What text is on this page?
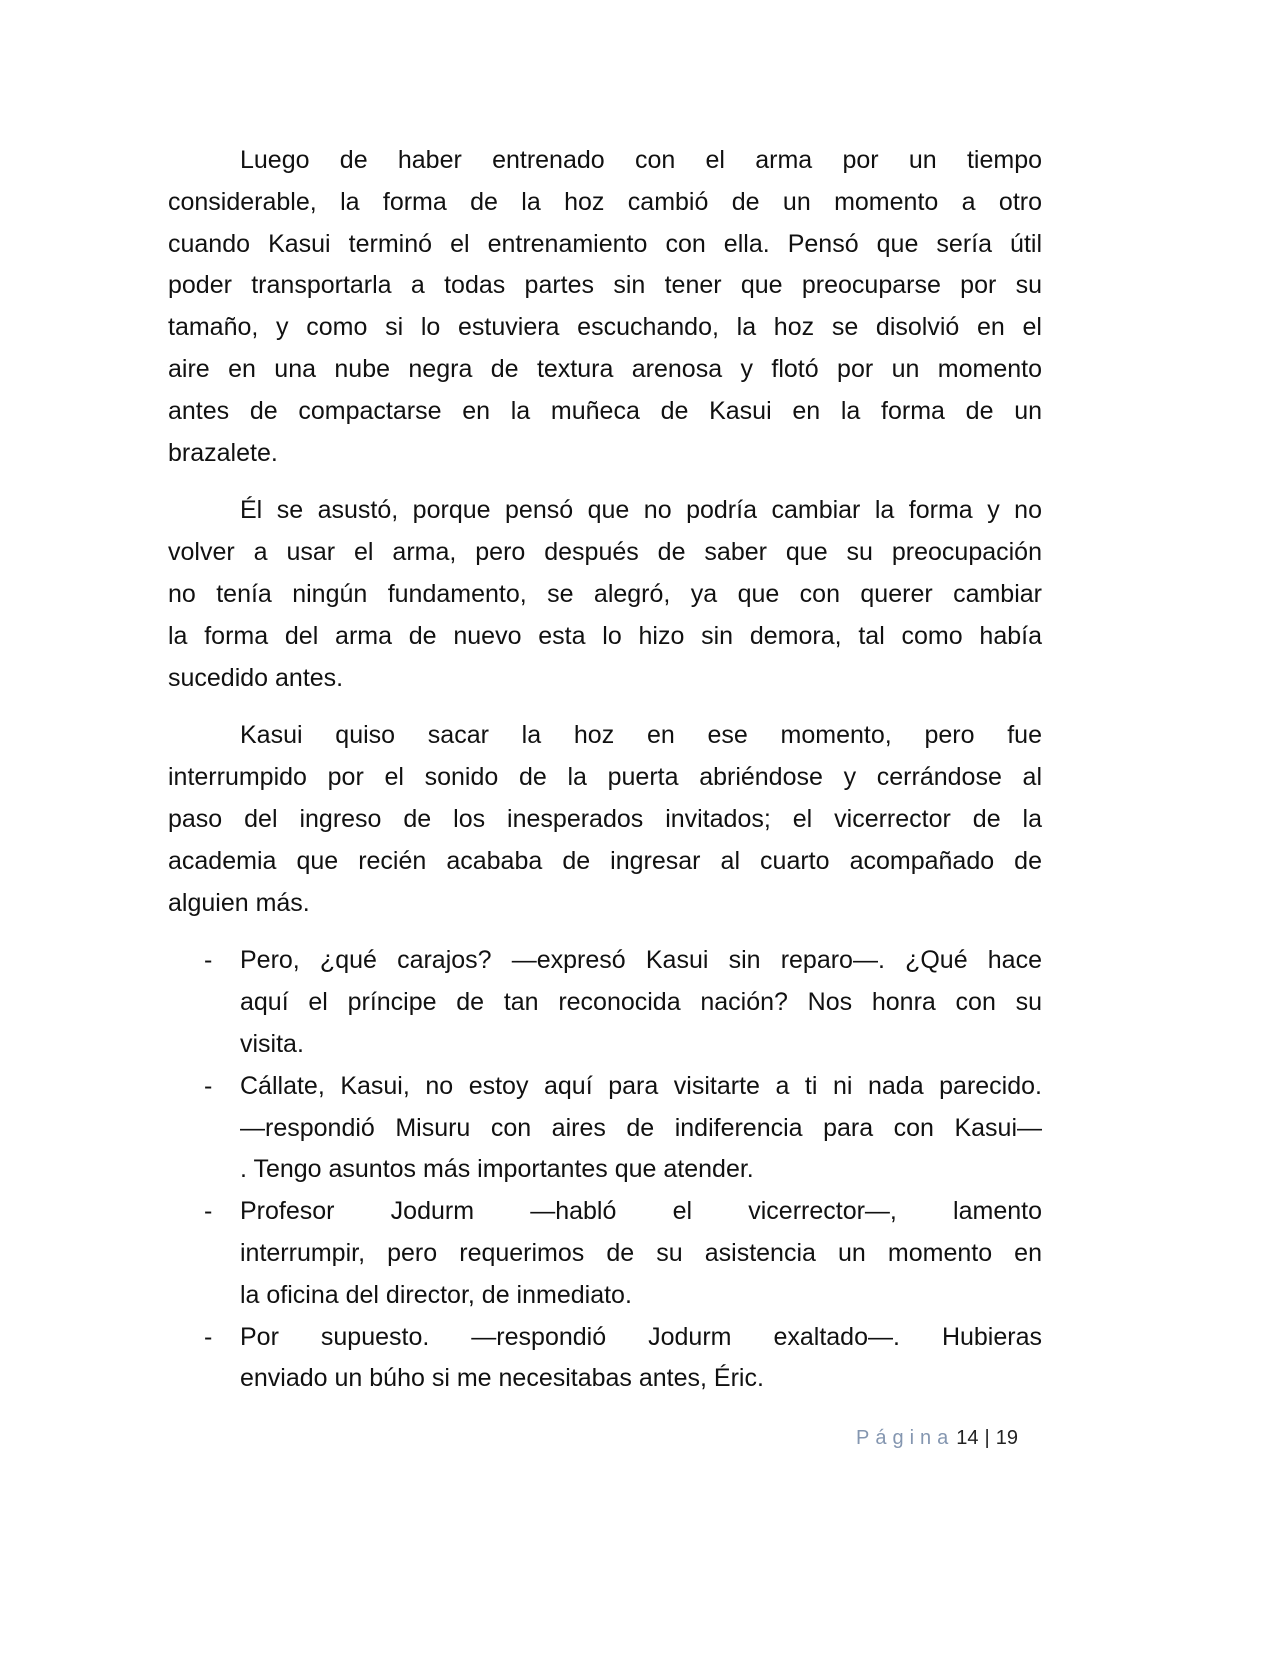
Luego de haber entrenado con el arma por un tiempo
considerable, la forma de la hoz cambió de un momento a otro
cuando Kasui terminó el entrenamiento con ella. Pensó que sería útil
poder transportarla a todas partes sin tener que preocuparse por su
tamaño, y como si lo estuviera escuchando, la hoz se disolvió en el
aire en una nube negra de textura arenosa y flotó por un momento
antes de compactarse en la muñeca de Kasui en la forma de un
brazalete.
Él se asustó, porque pensó que no podría cambiar la forma y no
volver a usar el arma, pero después de saber que su preocupación
no tenía ningún fundamento, se alegró, ya que con querer cambiar
la forma del arma de nuevo esta lo hizo sin demora, tal como había
sucedido antes.
Kasui quiso sacar la hoz en ese momento, pero fue
interrumpido por el sonido de la puerta abriéndose y cerrándose al
paso del ingreso de los inesperados invitados; el vicerrector de la
academia que recién acababa de ingresar al cuarto acompañado de
alguien más.
- Pero, ¿qué carajos? —expresó Kasui sin reparo—. ¿Qué hace
aquí el príncipe de tan reconocida nación? Nos honra con su
visita.
- Cállate, Kasui, no estoy aquí para visitarte a ti ni nada parecido.
—respondió Misuru con aires de indiferencia para con Kasui—
. Tengo asuntos más importantes que atender.
- Profesor Jodurm —habló el vicerrector—, lamento
interrumpir, pero requerimos de su asistencia un momento en
la oficina del director, de inmediato.
- Por supuesto. —respondió Jodurm exaltado—. Hubieras
enviado un búho si me necesitabas antes, Éric.
Página 14 | 19
